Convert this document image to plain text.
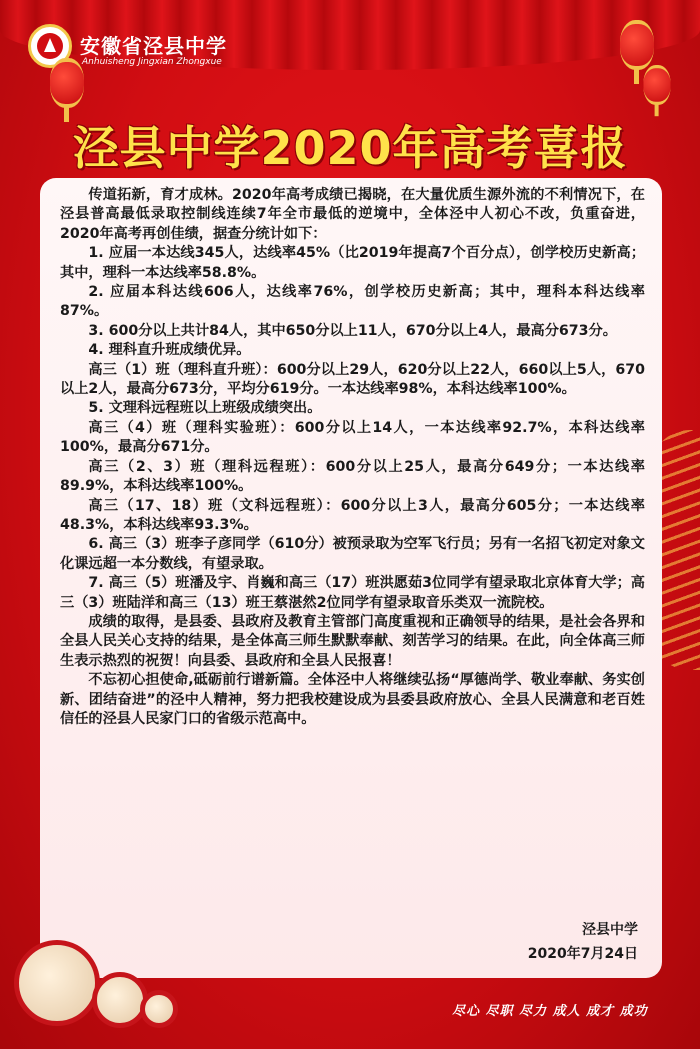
安徽省泾县中学
Anhuisheng Jingxian Zhongxue
泾县中学2020年高考喜报

传道拓新，育才成林。2020年高考成绩已揭晓，在大量优质生源外流的不利情况下，在泾县普高最低录取控制线连续7年全市最低的逆境中，全体泾中人初心不改，负重奋进，2020年高考再创佳绩，据查分统计如下：

1. 应届一本达线345人，达线率45%（比2019年提高7个百分点），创学校历史新高；其中，理科一本达线率58.8%。

2. 应届本科达线606人，达线率76%，创学校历史新高；其中，理科本科达线率87%。

3. 600分以上共计84人，其中650分以上11人，670分以上4人，最高分673分。

4. 理科直升班成绩优异。

高三（1）班（理科直升班）：600分以上29人，620分以上22人，660以上5人，670以上2人，最高分673分，平均分619分。一本达线率98%，本科达线率100%。

5. 文理科远程班以上班级成绩突出。

高三（4）班（理科实验班）：600分以上14人，一本达线率92.7%，本科达线率100%，最高分671分。

高三（2、3）班（理科远程班）：600分以上25人，最高分649分；一本达线率89.9%，本科达线率100%。

高三（17、18）班（文科远程班）：600分以上3人，最高分605分；一本达线率48.3%，本科达线率93.3%。

6. 高三（3）班李子彦同学（610分）被预录取为空军飞行员；另有一名招飞初定对象文化课远超一本分数线，有望录取。

7. 高三（5）班潘及宇、肖巍和高三（17）班洪愿茹3位同学有望录取北京体育大学；高三（3）班陆洋和高三（13）班王蔡湛然2位同学有望录取音乐类双一流院校。

成绩的取得，是县委、县政府及教育主管部门高度重视和正确领导的结果，是社会各界和全县人民关心支持的结果，是全体高三师生默默奉献、刻苦学习的结果。在此，向全体高三师生表示热烈的祝贺！向县委、县政府和全县人民报喜！

不忘初心担使命,砥砺前行谱新篇。全体泾中人将继续弘扬“厚德尚学、敬业奉献、务实创新、团结奋进”的泾中人精神，努力把我校建设成为县委县政府放心、全县人民满意和老百姓信任的泾县人民家门口的省级示范高中。

泾县中学
2020年7月24日
尽心 尽职 尽力 成人 成才 成功
